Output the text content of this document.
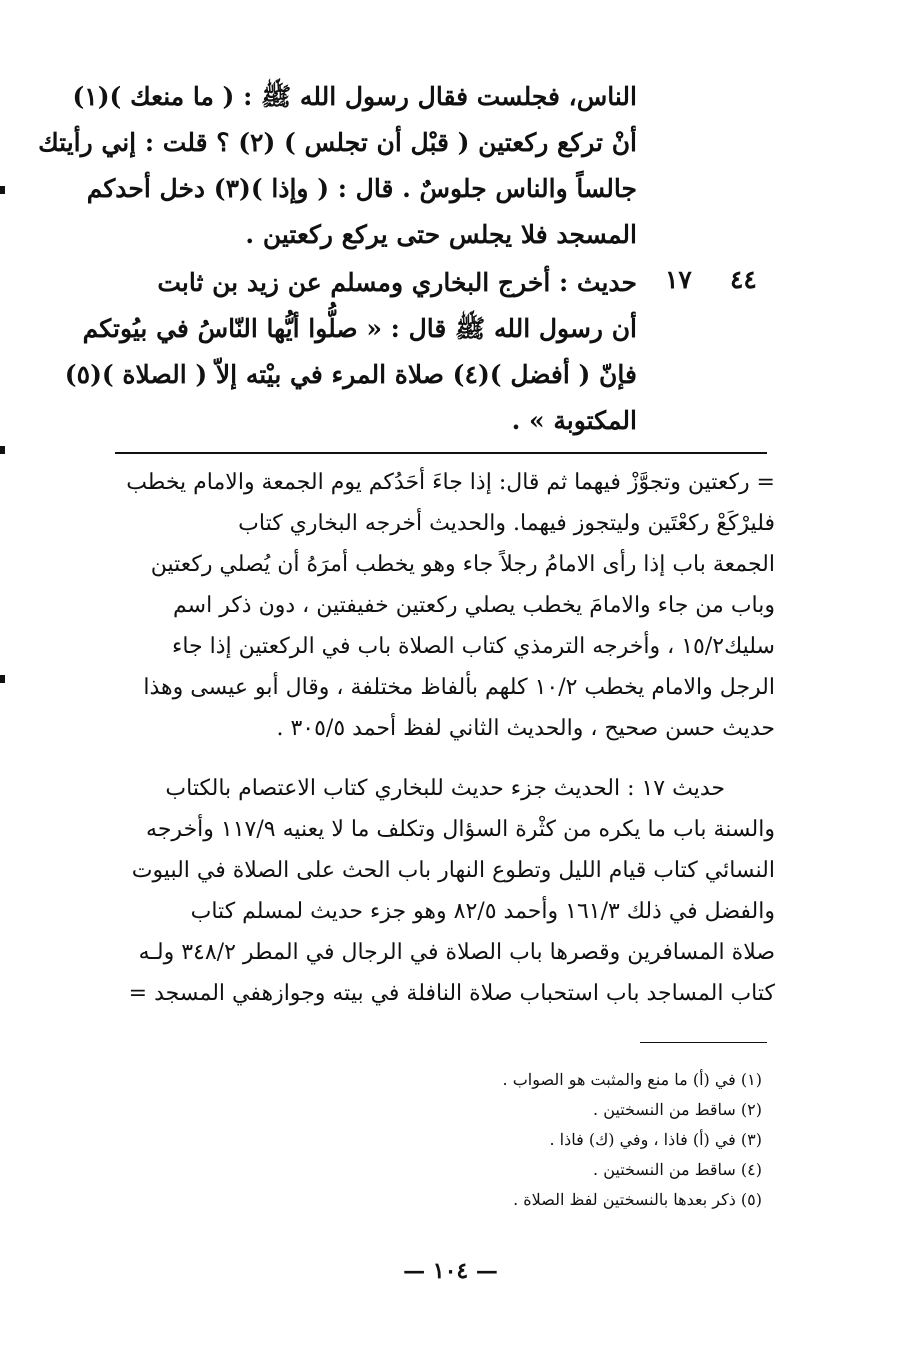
الناس، فجلست فقال رسول الله ﷺ : ( ما منعك )(١)
أنْ تركع ركعتين ( قبْل أن تجلس ) (٢) ؟ قلت : إني رأيتك
جالساً والناس جلوسٌ . قال : ( وإذا )(٣) دخل أحدكم
المسجد فلا يجلس حتى يركع ركعتين .
٤٤
١٧
حديث : أخرج البخاري ومسلم عن زيد بن ثابت
أن رسول الله ﷺ قال : « صلُّوا أيُّها النّاسُ في بيُوتكم
فإنّ ( أفضل )(٤) صلاة المرء في بيْته إلاّ ( الصلاة )(٥)
المكتوبة » .
= ركعتين وتجوَّزْ فيهما ثم قال: إذا جاءَ أحَدُكم يوم الجمعة والامام يخطب
فليرْكَعْ ركعْتَين وليتجوز فيهما. والحديث أخرجه البخاري كتاب
الجمعة باب إذا رأى الامامُ رجلاً جاء وهو يخطب أمرَهُ أن يُصلي ركعتين
وباب من جاء والامامَ يخطب يصلي ركعتين خفيفتين ، دون ذكر اسم
سليك١٥/٢ ، وأخرجه الترمذي كتاب الصلاة باب في الركعتين إذا جاء
الرجل والامام يخطب ١٠/٢ كلهم بألفاظ مختلفة ، وقال أبو عيسى وهذا
حديث حسن صحيح ، والحديث الثاني لفظ أحمد ٣٠٥/٥ .
حديث ١٧ : الحديث جزء حديث للبخاري كتاب الاعتصام بالكتاب
والسنة باب ما يكره من كثْرة السؤال وتكلف ما لا يعنيه ١١٧/٩ وأخرجه
النسائي كتاب قيام الليل وتطوع النهار باب الحث على الصلاة في البيوت
والفضل في ذلك ١٦١/٣ وأحمد ٨٢/٥ وهو جزء حديث لمسلم كتاب
صلاة المسافرين وقصرها باب الصلاة في الرجال في المطر ٣٤٨/٢ ولـه
كتاب المساجد باب استحباب صلاة النافلة في بيته وجوازهفي المسجد =
(١) في (أ) ما منع والمثبت هو الصواب .
(٢) ساقط من النسختين .
(٣) في (أ) فاذا ، وفي (ك) فاذا .
(٤) ساقط من النسختين .
(٥) ذكر بعدها بالنسختين لفظ الصلاة .
— ١٠٤ —
